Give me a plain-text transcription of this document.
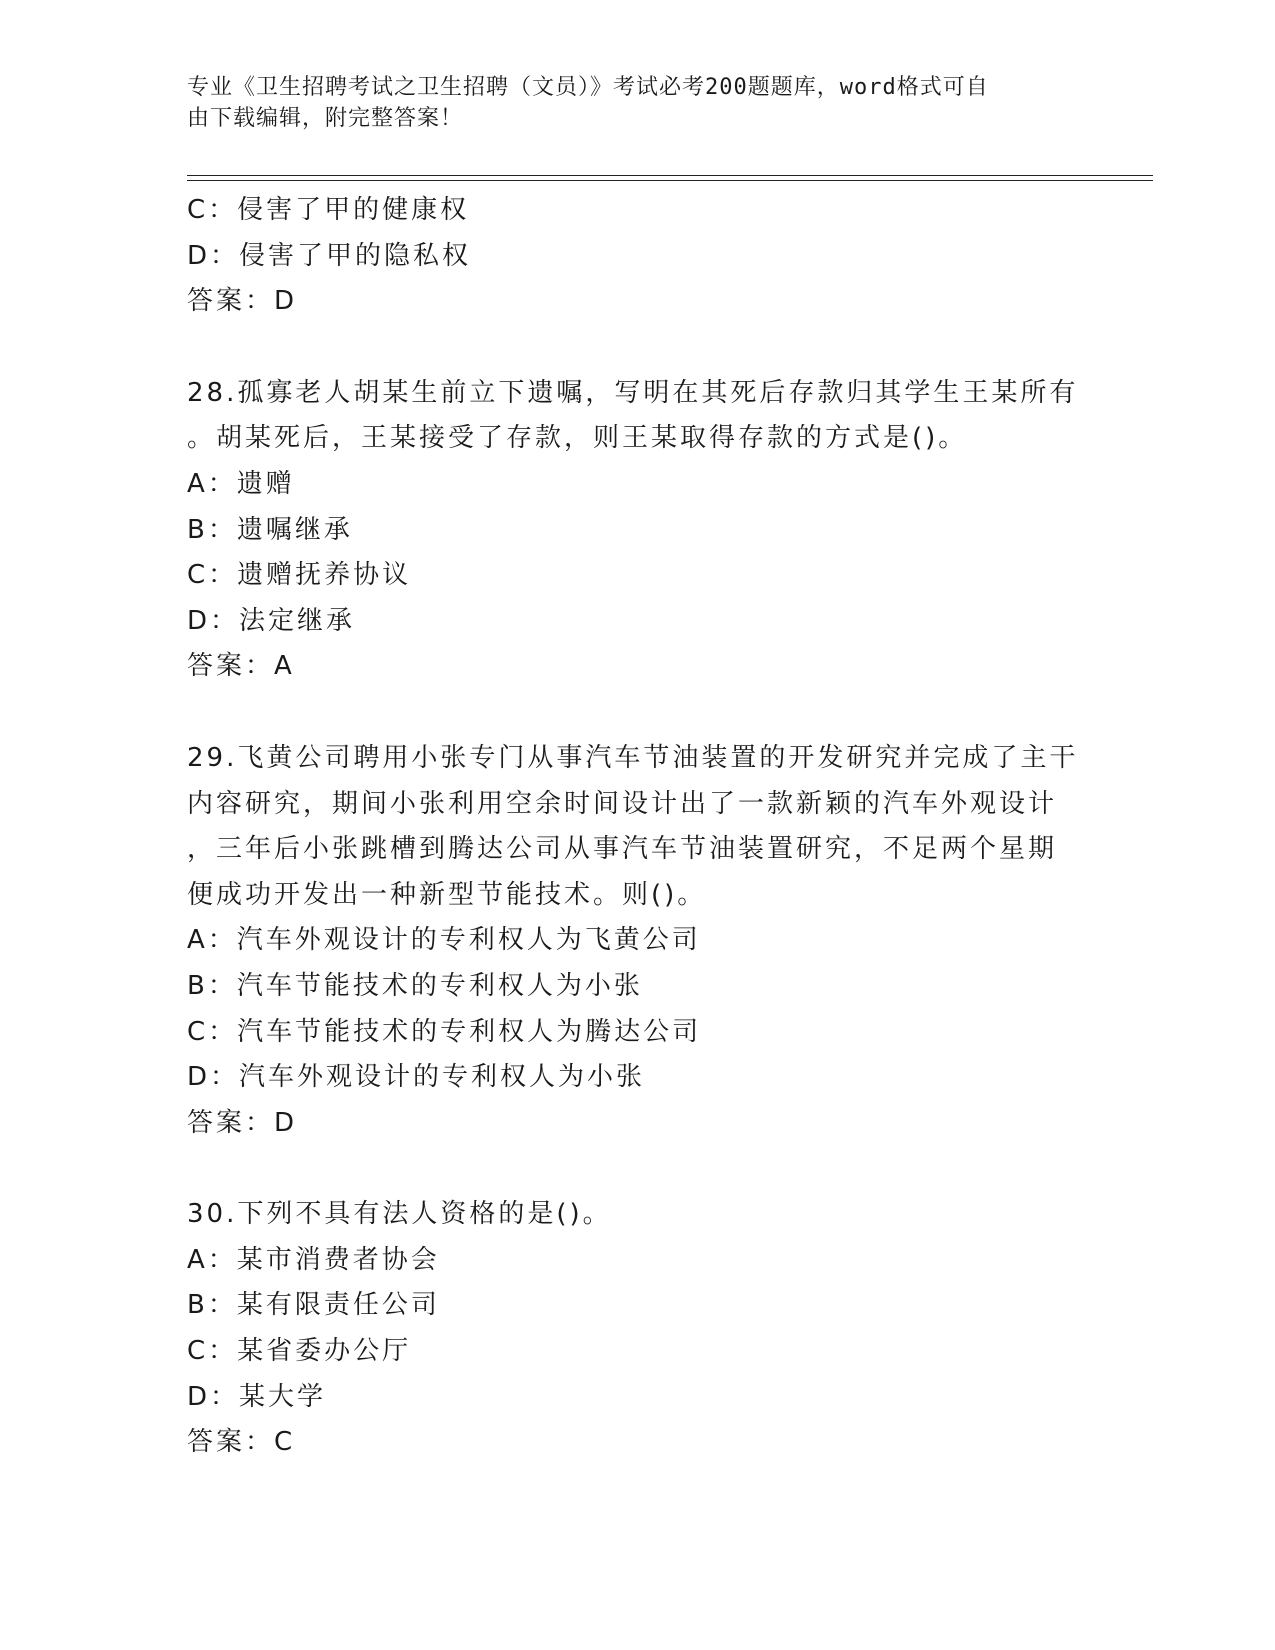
专业《卫生招聘考试之卫生招聘（文员）》考试必考200题题库，word格式可自
由下载编辑，附完整答案！
C：侵害了甲的健康权
D：侵害了甲的隐私权
答案：D
28.孤寡老人胡某生前立下遗嘱，写明在其死后存款归其学生王某所有
。胡某死后，王某接受了存款，则王某取得存款的方式是()。
A：遗赠
B：遗嘱继承
C：遗赠抚养协议
D：法定继承
答案：A
29.飞黄公司聘用小张专门从事汽车节油装置的开发研究并完成了主干
内容研究，期间小张利用空余时间设计出了一款新颖的汽车外观设计
，三年后小张跳槽到腾达公司从事汽车节油装置研究，不足两个星期
便成功开发出一种新型节能技术。则()。
A：汽车外观设计的专利权人为飞黄公司
B：汽车节能技术的专利权人为小张
C：汽车节能技术的专利权人为腾达公司
D：汽车外观设计的专利权人为小张
答案：D
30.下列不具有法人资格的是()。
A：某市消费者协会
B：某有限责任公司
C：某省委办公厅
D：某大学
答案：C
